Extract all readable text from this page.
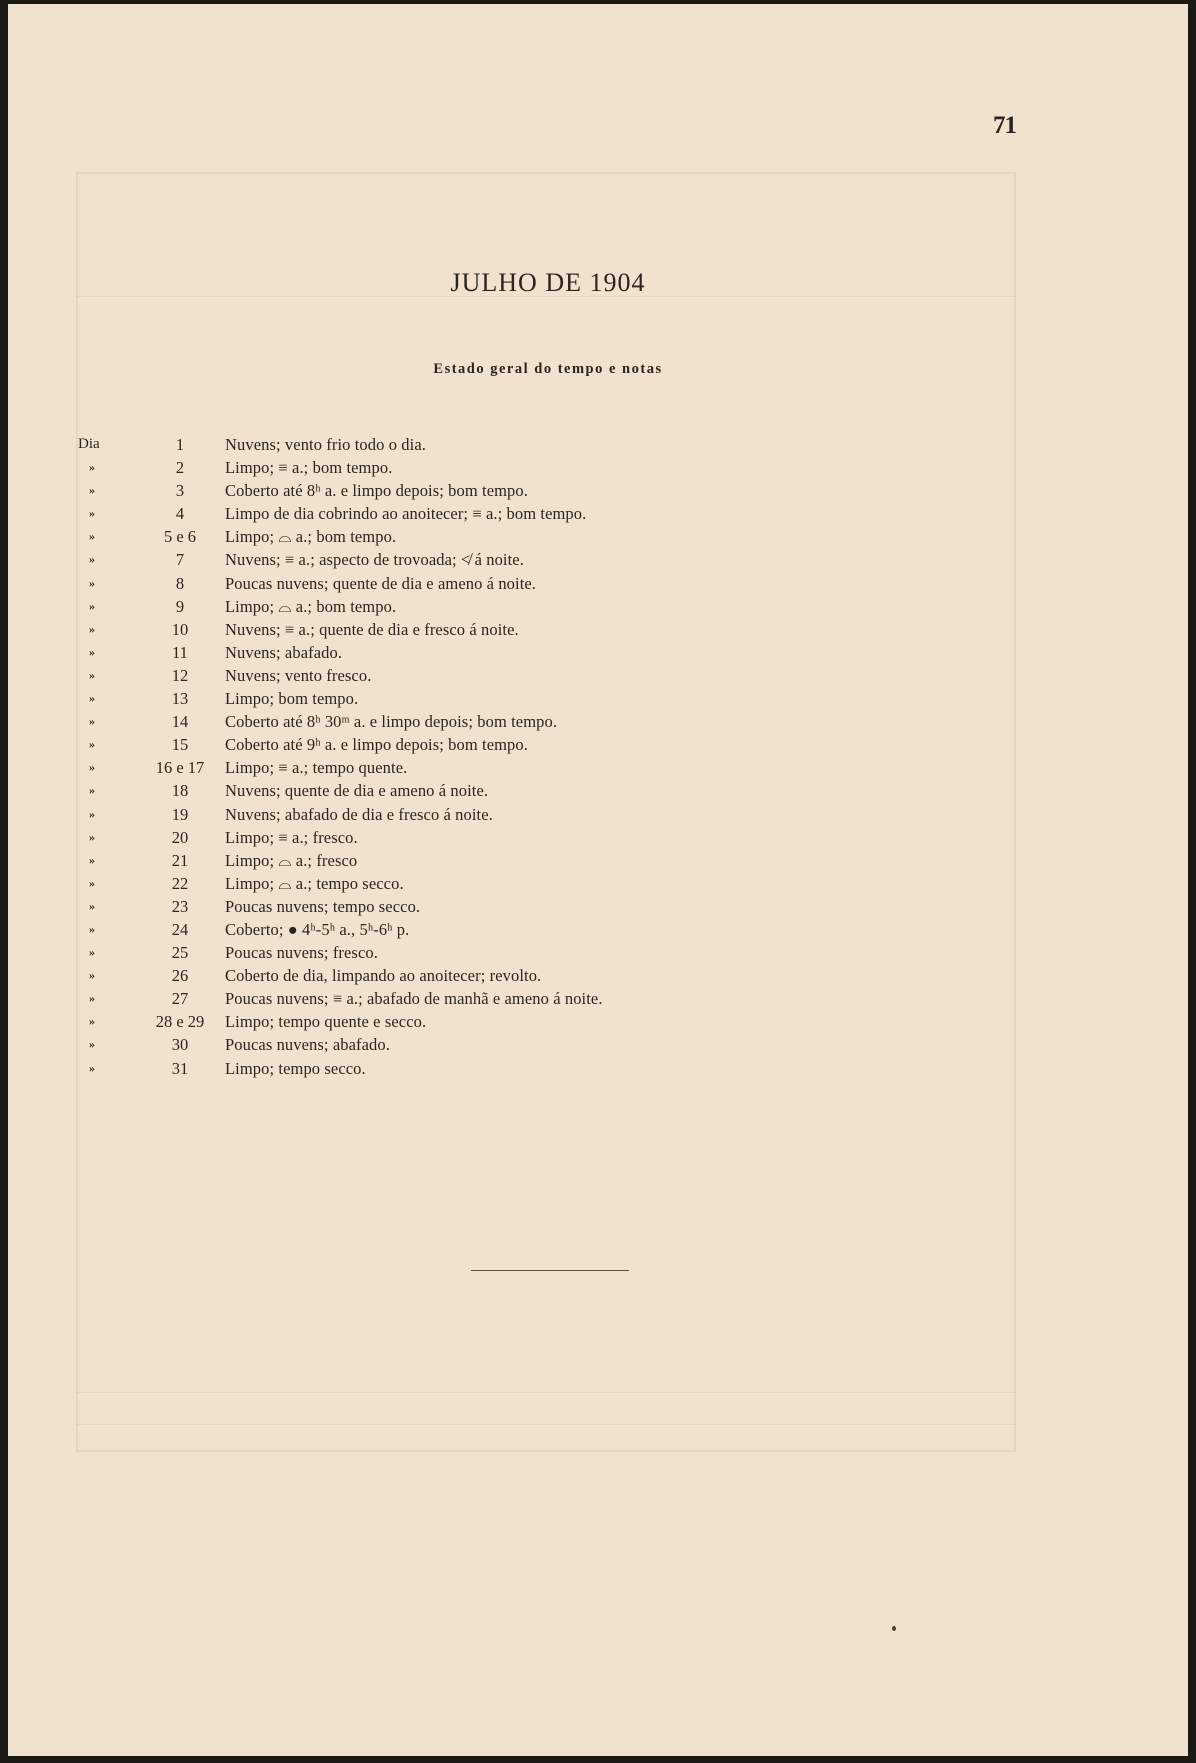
71
JULHO DE 1904
Estado geral do tempo e notas
Dia	1	Nuvens; vento frio todo o dia.
»	2	Limpo; ≡ a.; bom tempo.
»	3	Coberto até 8ʰ a. e limpo depois; bom tempo.
»	4	Limpo de dia cobrindo ao anoitecer; ≡ a.; bom tempo.
»	5 e 6	Limpo; ⌓ a.; bom tempo.
»	7	Nuvens; ≡ a.; aspecto de trovoada; ≮ á noite.
»	8	Poucas nuvens; quente de dia e ameno á noite.
»	9	Limpo; ⌓ a.; bom tempo.
»	10	Nuvens; ≡ a.; quente de dia e fresco á noite.
»	11	Nuvens; abafado.
»	12	Nuvens; vento fresco.
»	13	Limpo; bom tempo.
»	14	Coberto até 8ʰ 30ᵐ a. e limpo depois; bom tempo.
»	15	Coberto até 9ʰ a. e limpo depois; bom tempo.
»	16 e 17	Limpo; ≡ a.; tempo quente.
»	18	Nuvens; quente de dia e ameno á noite.
»	19	Nuvens; abafado de dia e fresco á noite.
»	20	Limpo; ≡ a.; fresco.
»	21	Limpo; ⌓ a.; fresco
»	22	Limpo; ⌓ a.; tempo secco.
»	23	Poucas nuvens; tempo secco.
»	24	Coberto; ● 4ʰ-5ʰ a., 5ʰ-6ʰ p.
»	25	Poucas nuvens; fresco.
»	26	Coberto de dia, limpando ao anoitecer; revolto.
»	27	Poucas nuvens; ≡ a.; abafado de manhã e ameno á noite.
»	28 e 29	Limpo; tempo quente e secco.
»	30	Poucas nuvens; abafado.
»	31	Limpo; tempo secco.
